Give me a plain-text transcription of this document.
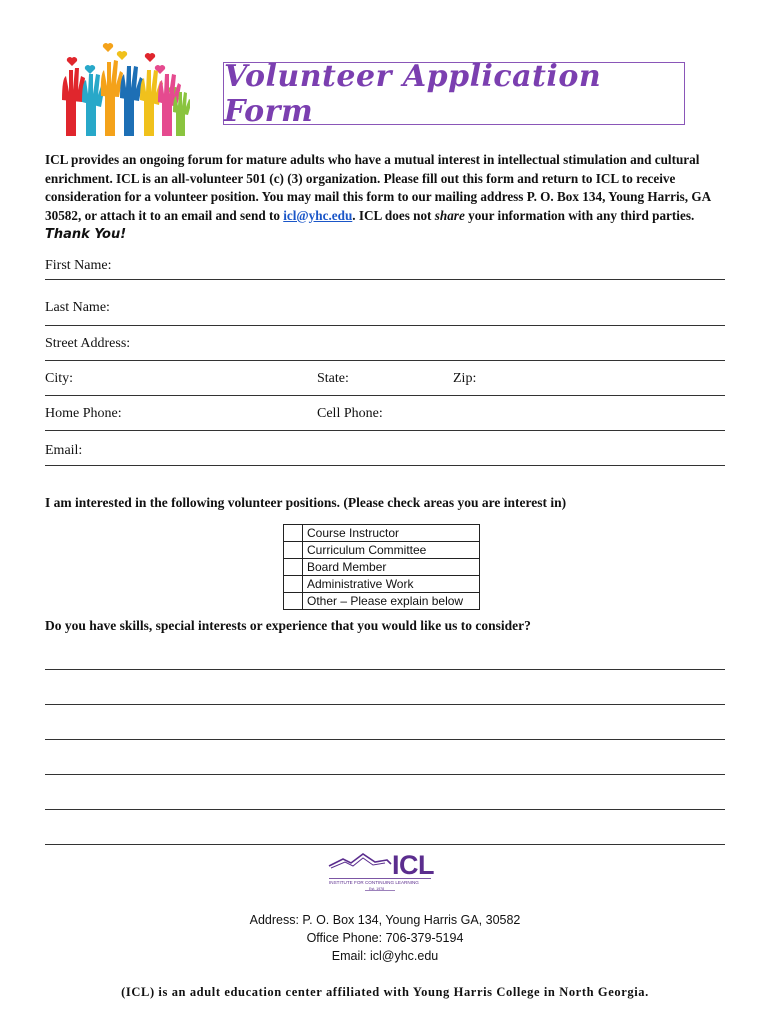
Volunteer Application Form
ICL provides an ongoing forum for mature adults who have a mutual interest in intellectual stimulation and cultural enrichment. ICL is an all-volunteer 501 (c) (3) organization. Please fill out this form and return to ICL to receive consideration for a volunteer position. You may mail this form to our mailing address P. O. Box 134, Young Harris, GA 30582, or attach it to an email and send to icl@yhc.edu. ICL does not share your information with any third parties. Thank You!
First Name:
Last Name:
Street Address:
City:	State:	Zip:
Home Phone:	Cell Phone:
Email:
I am interested in the following volunteer positions. (Please check areas you are interest in)
	Course Instructor
	Curriculum Committee
	Board Member
	Administrative Work
	Other – Please explain below
Do you have skills, special interests or experience that you would like us to consider?
ICL
INSTITUTE FOR CONTINUING LEARNING
Est. 1978
Address: P. O. Box 134, Young Harris GA, 30582
Office Phone: 706-379-5194
Email: icl@yhc.edu
(ICL) is an adult education center affiliated with Young Harris College in North Georgia.
